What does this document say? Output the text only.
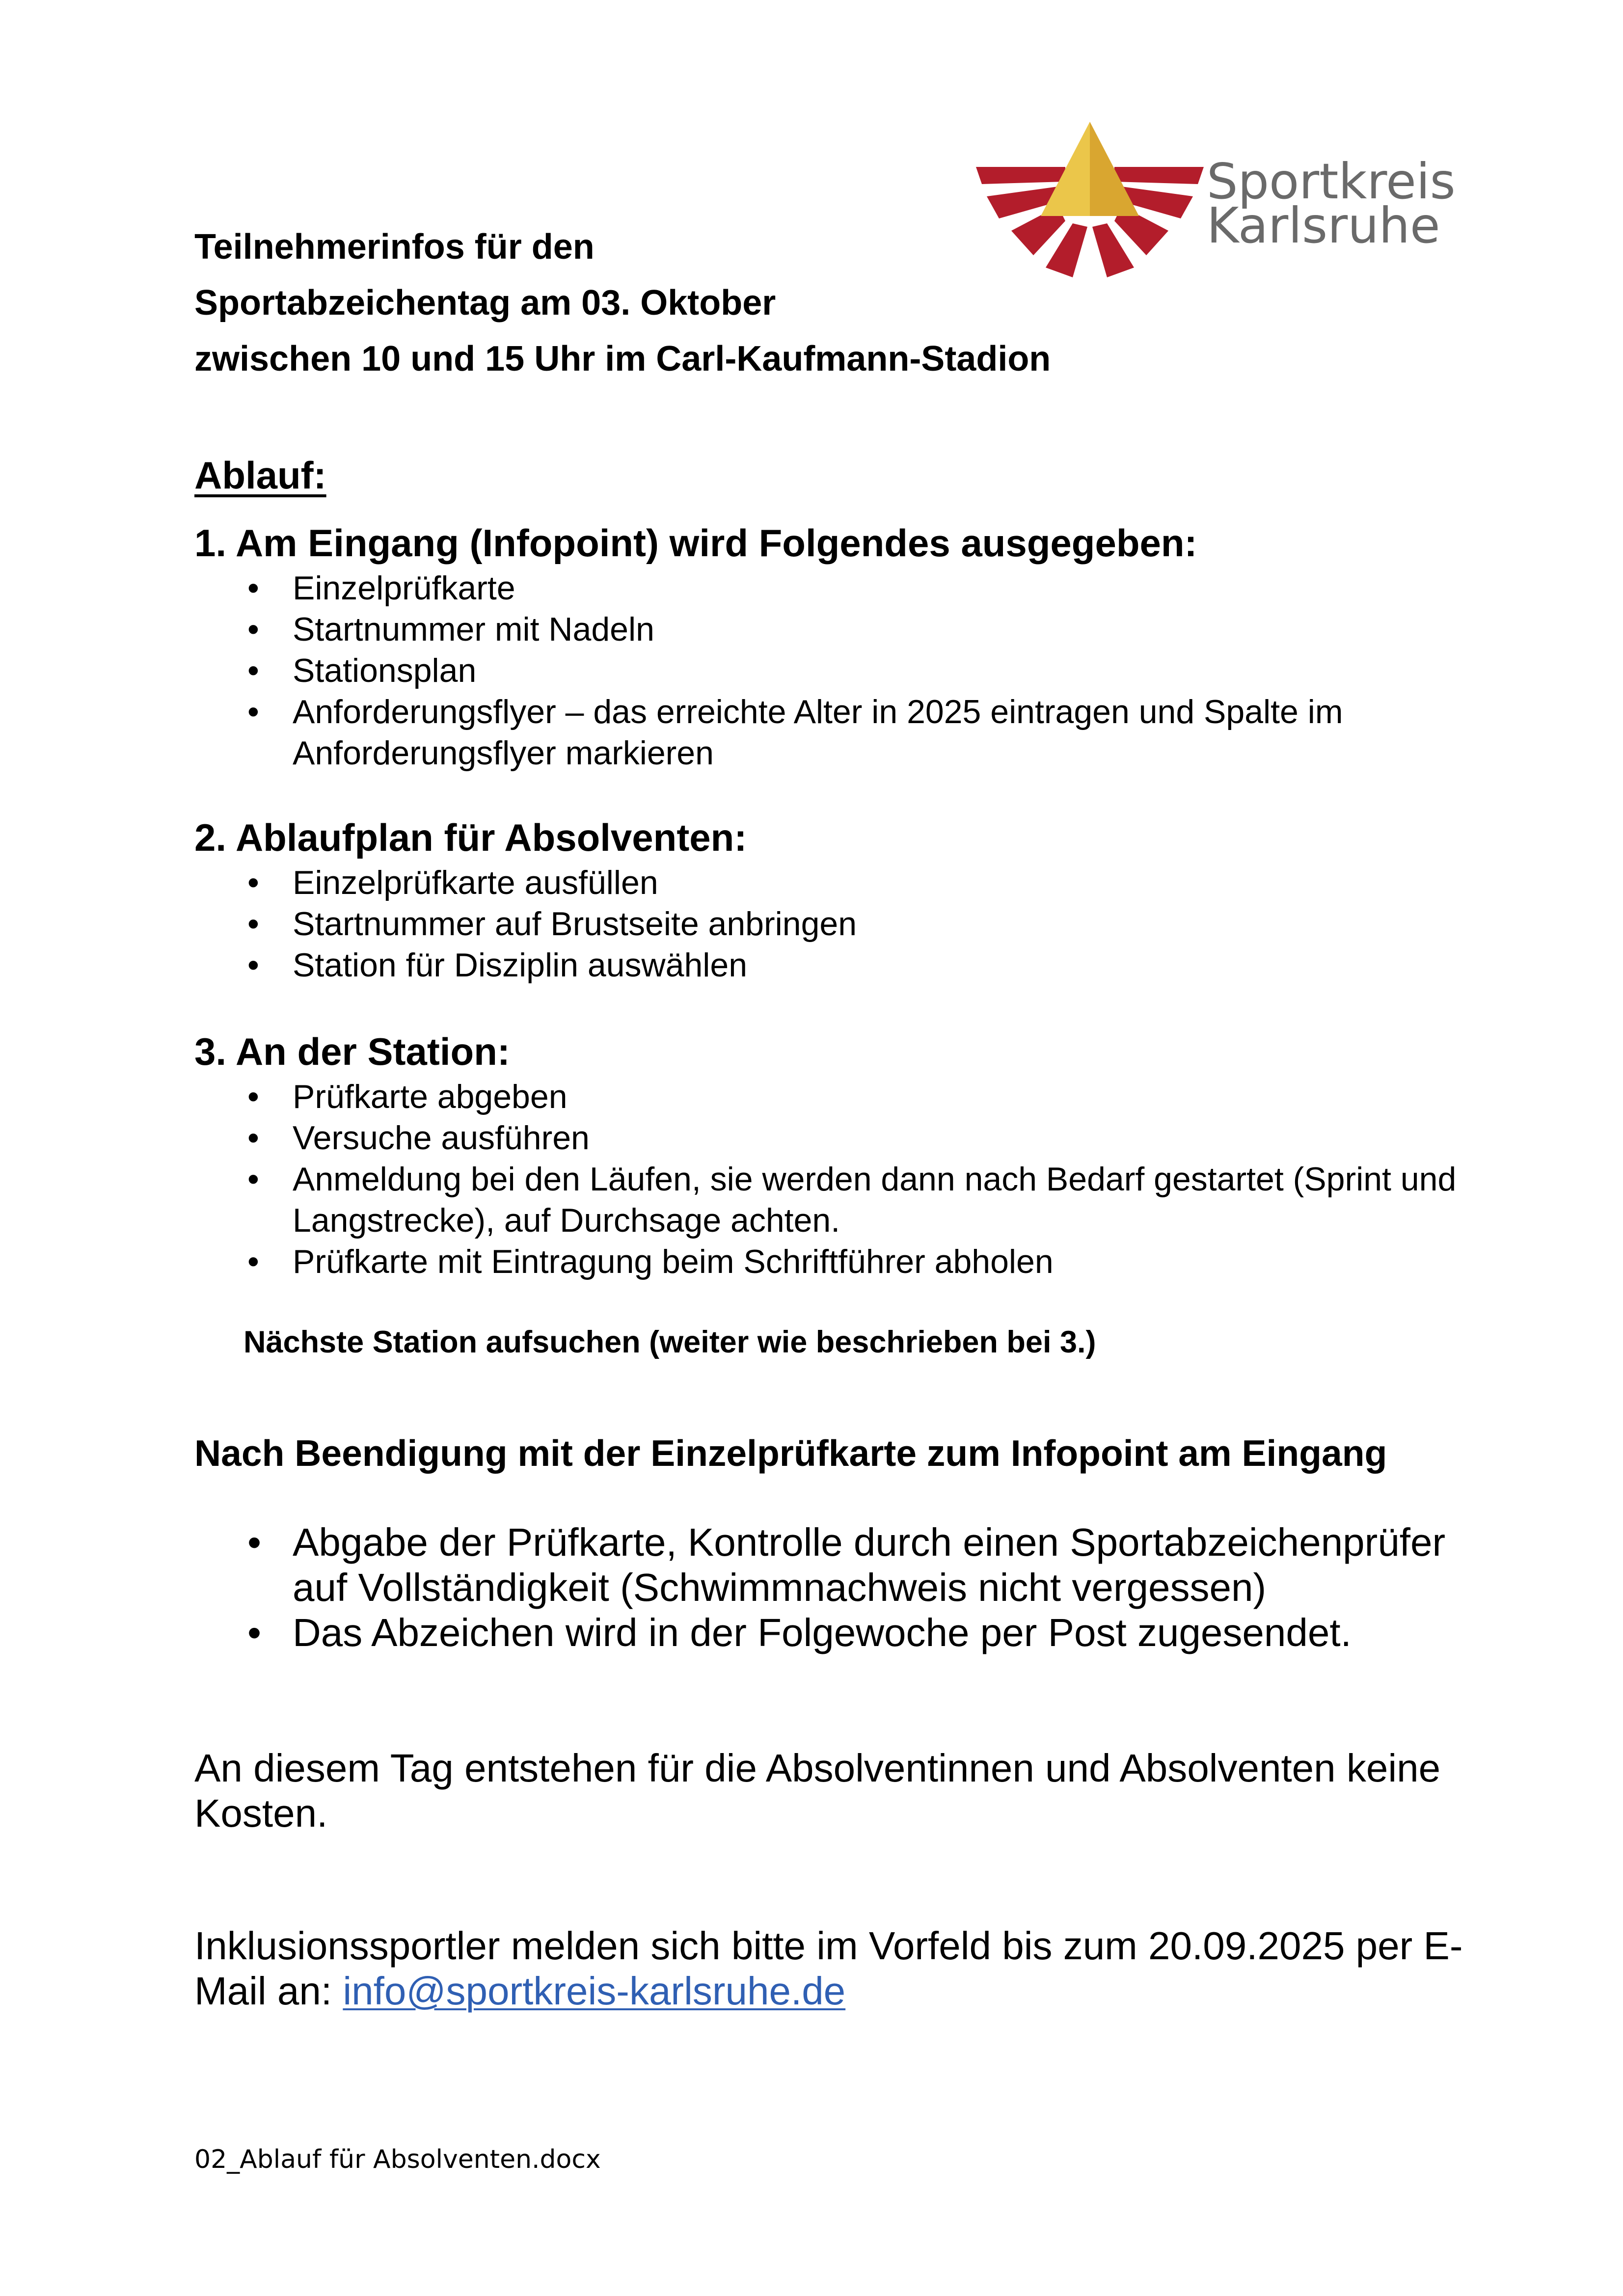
Sportkreis
Karlsruhe
Teilnehmerinfos für den
Sportabzeichentag am 03. Oktober
zwischen 10 und 15 Uhr im Carl-Kaufmann-Stadion
Ablauf:
1. Am Eingang (Infopoint) wird Folgendes ausgegeben:
• Einzelprüfkarte
• Startnummer mit Nadeln
• Stationsplan
• Anforderungsflyer – das erreichte Alter in 2025 eintragen und Spalte im Anforderungsflyer markieren
2. Ablaufplan für Absolventen:
• Einzelprüfkarte ausfüllen
• Startnummer auf Brustseite anbringen
• Station für Disziplin auswählen
3. An der Station:
• Prüfkarte abgeben
• Versuche ausführen
• Anmeldung bei den Läufen, sie werden dann nach Bedarf gestartet (Sprint und Langstrecke), auf Durchsage achten.
• Prüfkarte mit Eintragung beim Schriftführer abholen
Nächste Station aufsuchen (weiter wie beschrieben bei 3.)
Nach Beendigung mit der Einzelprüfkarte zum Infopoint am Eingang
• Abgabe der Prüfkarte, Kontrolle durch einen Sportabzeichenprüfer auf Vollständigkeit (Schwimmnachweis nicht vergessen)
• Das Abzeichen wird in der Folgewoche per Post zugesendet.

An diesem Tag entstehen für die Absolventinnen und Absolventen keine Kosten.

Inklusionssportler melden sich bitte im Vorfeld bis zum 20.09.2025 per E-Mail an: info@sportkreis-karlsruhe.de

02_Ablauf für Absolventen.docx
